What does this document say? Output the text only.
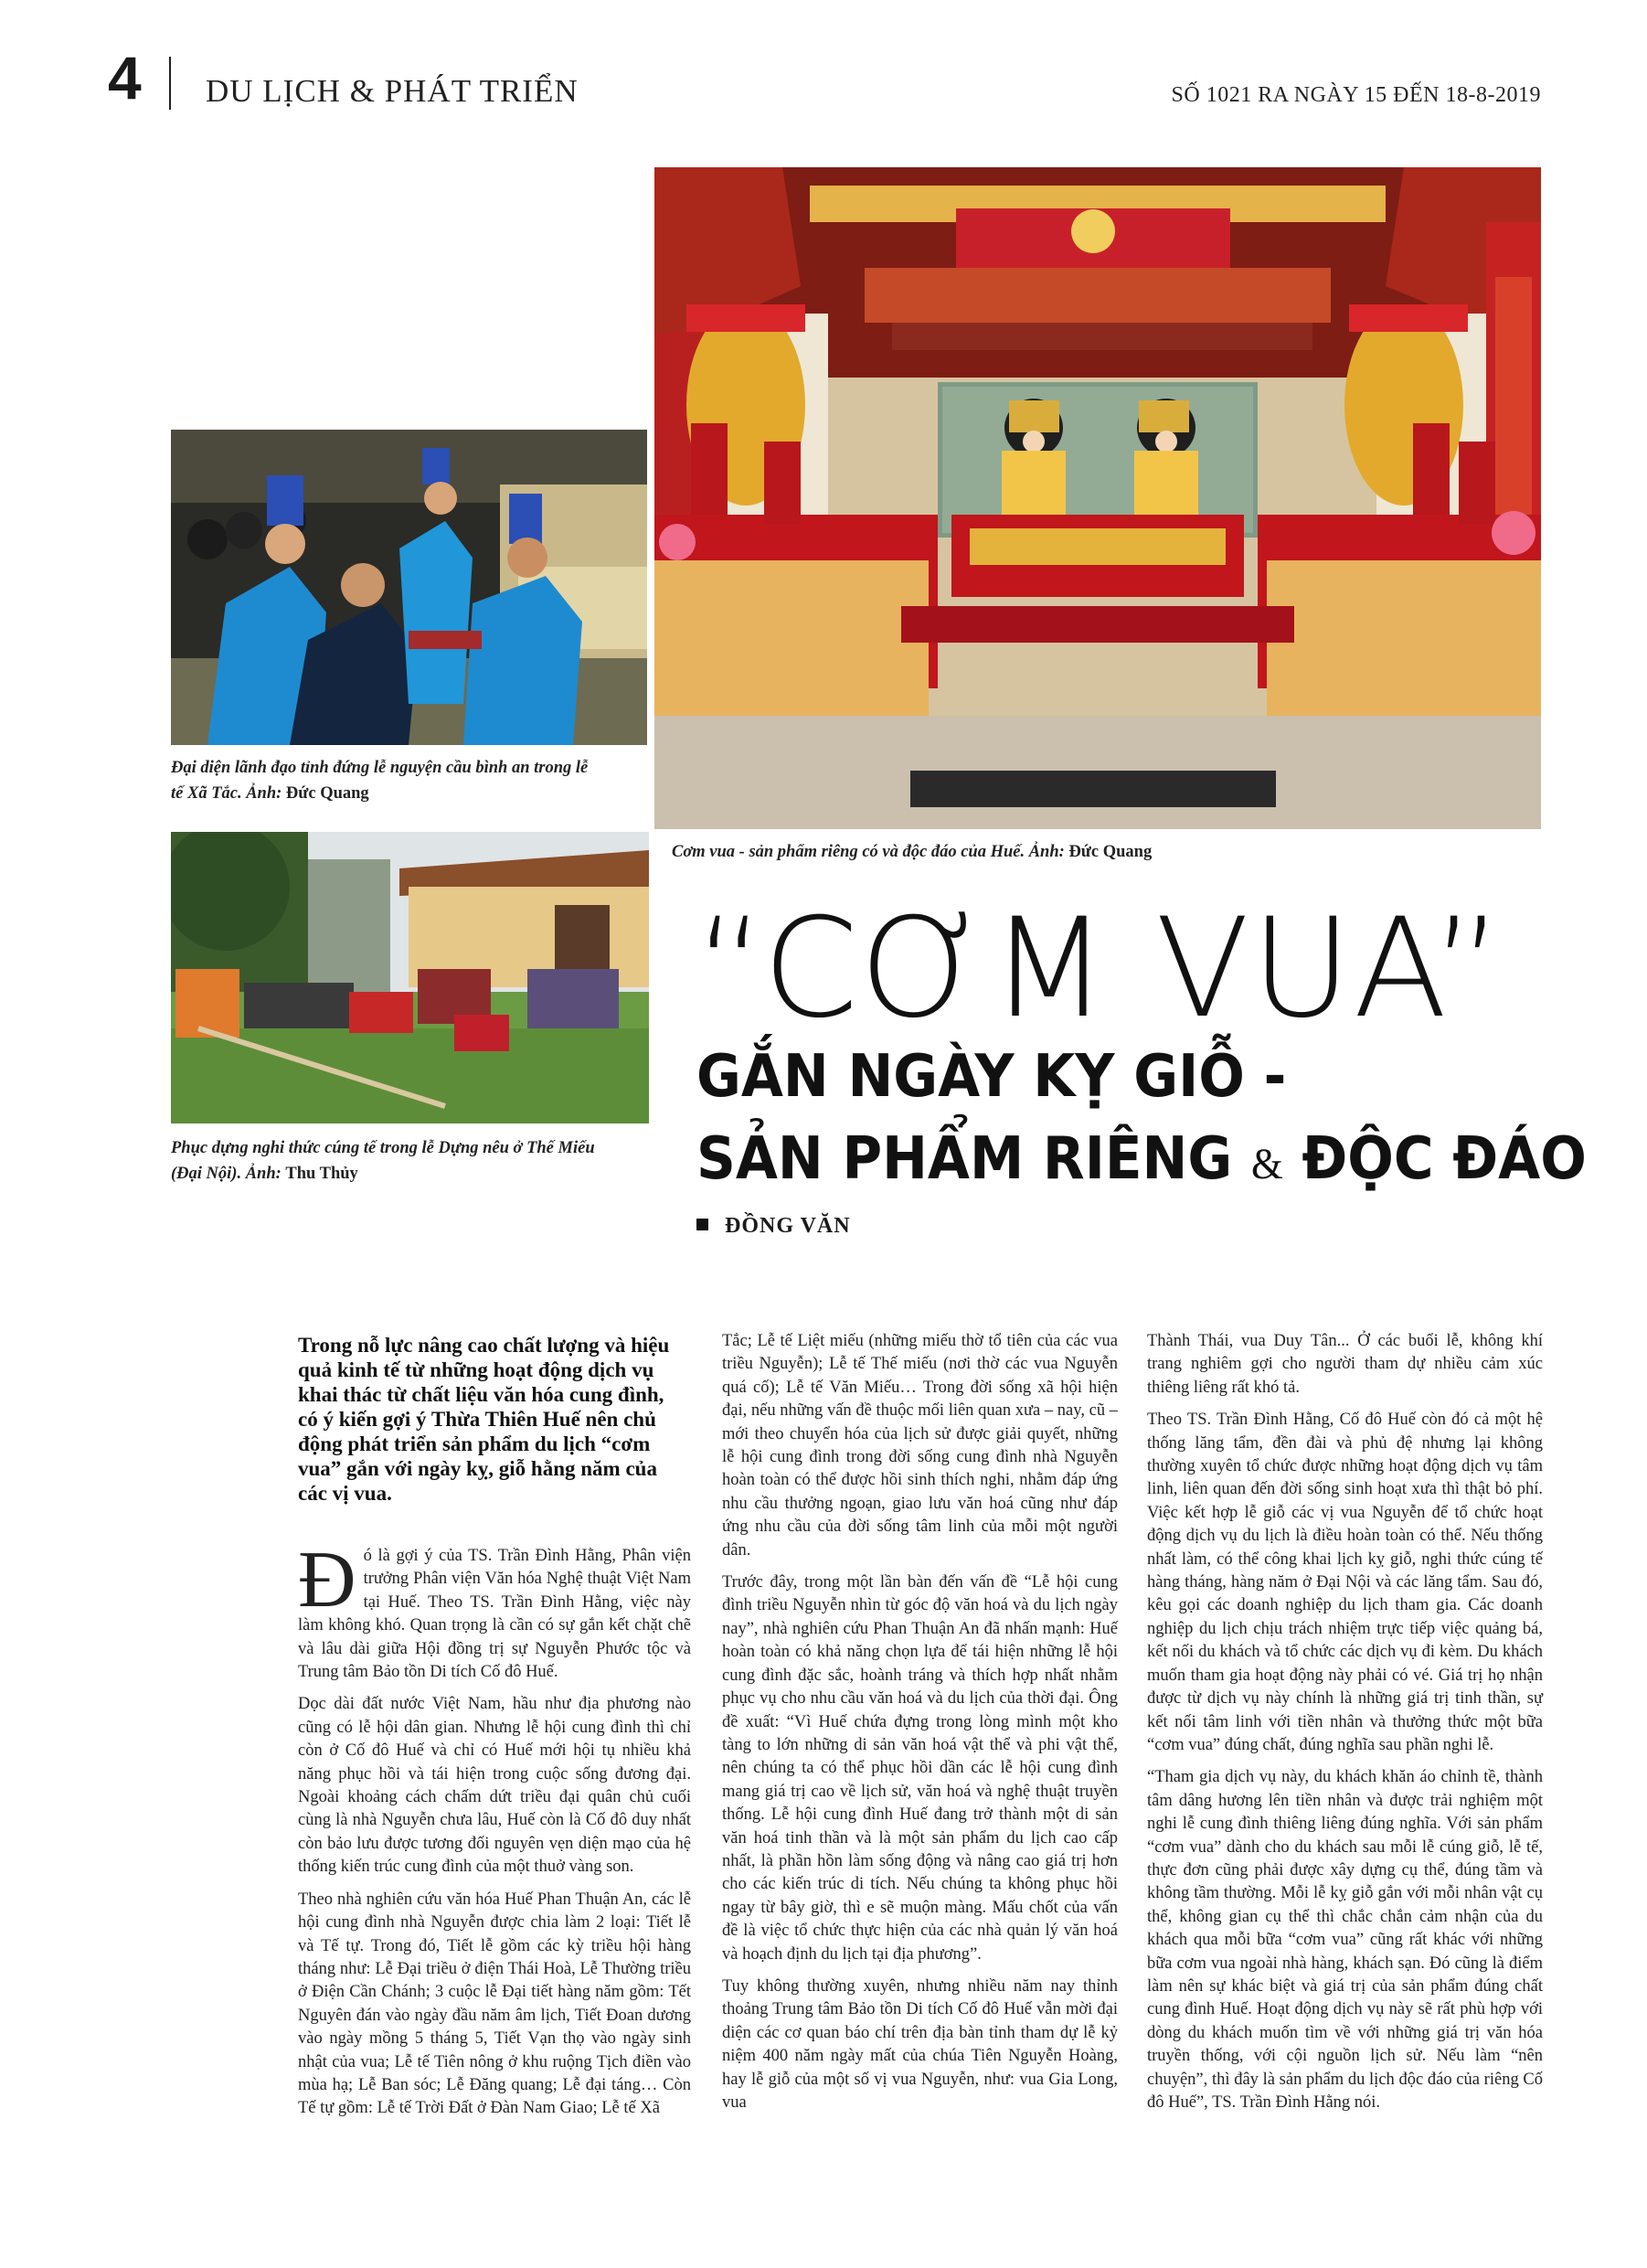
4 DU LỊCH & PHÁT TRIỂN	SỐ 1021 RA NGÀY 15 ĐẾN 18-8-2019
Đại diện lãnh đạo tỉnh đứng lễ nguyện cầu bình an trong lễ tế Xã Tắc. Ảnh: Đức Quang
Phục dựng nghi thức cúng tế trong lễ Dựng nêu ở Thế Miếu (Đại Nội). Ảnh: Thu Thủy
Cơm vua - sản phẩm riêng có và độc đáo của Huế. Ảnh: Đức Quang
“CƠM VUA”
GẮN NGÀY KỴ GIỖ -
SẢN PHẨM RIÊNG & ĐỘC ĐÁO
ĐỒNG VĂN
Trong nỗ lực nâng cao chất lượng và hiệu quả kinh tế từ những hoạt động dịch vụ khai thác từ chất liệu văn hóa cung đình, có ý kiến gợi ý Thừa Thiên Huế nên chủ động phát triển sản phẩm du lịch “cơm vua” gắn với ngày kỵ, giỗ hằng năm của các vị vua.

Đó là gợi ý của TS. Trần Đình Hằng, Phân viện trưởng Phân viện Văn hóa Nghệ thuật Việt Nam tại Huế. Theo TS. Trần Đình Hằng, việc này làm không khó. Quan trọng là cần có sự gắn kết chặt chẽ và lâu dài giữa Hội đồng trị sự Nguyễn Phước tộc và Trung tâm Bảo tồn Di tích Cố đô Huế.

Dọc dài đất nước Việt Nam, hầu như địa phương nào cũng có lễ hội dân gian. Nhưng lễ hội cung đình thì chỉ còn ở Cố đô Huế và chỉ có Huế mới hội tụ nhiều khả năng phục hồi và tái hiện trong cuộc sống đương đại. Ngoài khoảng cách chấm dứt triều đại quân chủ cuối cùng là nhà Nguyễn chưa lâu, Huế còn là Cố đô duy nhất còn bảo lưu được tương đối nguyên vẹn diện mạo của hệ thống kiến trúc cung đình của một thuở vàng son.

Theo nhà nghiên cứu văn hóa Huế Phan Thuận An, các lễ hội cung đình nhà Nguyễn được chia làm 2 loại: Tiết lễ và Tế tự. Trong đó, Tiết lễ gồm các kỳ triều hội hàng tháng như: Lễ Đại triều ở điện Thái Hoà, Lễ Thường triều ở Điện Cần Chánh; 3 cuộc lễ Đại tiết hàng năm gồm: Tết Nguyên đán vào ngày đầu năm âm lịch, Tiết Đoan dương vào ngày mồng 5 tháng 5, Tiết Vạn thọ vào ngày sinh nhật của vua; Lễ tế Tiên nông ở khu ruộng Tịch điền vào mùa hạ; Lễ Ban sóc; Lễ Đăng quang; Lễ đại táng… Còn Tế tự gồm: Lễ tế Trời Đất ở Đàn Nam Giao; Lễ tế Xã

Tắc; Lễ tế Liệt miếu (những miếu thờ tổ tiên của các vua triều Nguyễn); Lễ tế Thế miếu (nơi thờ các vua Nguyễn quá cố); Lễ tế Văn Miếu… Trong đời sống xã hội hiện đại, nếu những vấn đề thuộc mối liên quan xưa – nay, cũ – mới theo chuyển hóa của lịch sử được giải quyết, những lễ hội cung đình trong đời sống cung đình nhà Nguyễn hoàn toàn có thể được hồi sinh thích nghi, nhằm đáp ứng nhu cầu thưởng ngoạn, giao lưu văn hoá cũng như đáp ứng nhu cầu của đời sống tâm linh của mỗi một người dân.

Trước đây, trong một lần bàn đến vấn đề “Lễ hội cung đình triều Nguyễn nhìn từ góc độ văn hoá và du lịch ngày nay”, nhà nghiên cứu Phan Thuận An đã nhấn mạnh: Huế hoàn toàn có khả năng chọn lựa để tái hiện những lễ hội cung đình đặc sắc, hoành tráng và thích hợp nhất nhằm phục vụ cho nhu cầu văn hoá và du lịch của thời đại. Ông đề xuất: “Vì Huế chứa đựng trong lòng mình một kho tàng to lớn những di sản văn hoá vật thể và phi vật thể, nên chúng ta có thể phục hồi dần các lễ hội cung đình mang giá trị cao về lịch sử, văn hoá và nghệ thuật truyền thống. Lễ hội cung đình Huế đang trở thành một di sản văn hoá tinh thần và là một sản phẩm du lịch cao cấp nhất, là phần hồn làm sống động và nâng cao giá trị hơn cho các kiến trúc di tích. Nếu chúng ta không phục hồi ngay từ bây giờ, thì e sẽ muộn màng. Mấu chốt của vấn đề là việc tổ chức thực hiện của các nhà quản lý văn hoá và hoạch định du lịch tại địa phương”.

Tuy không thường xuyên, nhưng nhiều năm nay thỉnh thoảng Trung tâm Bảo tồn Di tích Cố đô Huế vẫn mời đại diện các cơ quan báo chí trên địa bàn tỉnh tham dự lễ kỷ niệm 400 năm ngày mất của chúa Tiên Nguyễn Hoàng, hay lễ giỗ của một số vị vua Nguyễn, như: vua Gia Long, vua

Thành Thái, vua Duy Tân... Ở các buổi lễ, không khí trang nghiêm gợi cho người tham dự nhiều cảm xúc thiêng liêng rất khó tả.

Theo TS. Trần Đình Hằng, Cố đô Huế còn đó cả một hệ thống lăng tẩm, đền đài và phủ đệ nhưng lại không thường xuyên tổ chức được những hoạt động dịch vụ tâm linh, liên quan đến đời sống sinh hoạt xưa thì thật bỏ phí. Việc kết hợp lễ giỗ các vị vua Nguyễn để tổ chức hoạt động dịch vụ du lịch là điều hoàn toàn có thể. Nếu thống nhất làm, có thể công khai lịch kỵ giỗ, nghi thức cúng tế hàng tháng, hàng năm ở Đại Nội và các lăng tẩm. Sau đó, kêu gọi các doanh nghiệp du lịch tham gia. Các doanh nghiệp du lịch chịu trách nhiệm trực tiếp việc quảng bá, kết nối du khách và tổ chức các dịch vụ đi kèm. Du khách muốn tham gia hoạt động này phải có vé. Giá trị họ nhận được từ dịch vụ này chính là những giá trị tinh thần, sự kết nối tâm linh với tiền nhân và thưởng thức một bữa “cơm vua” đúng chất, đúng nghĩa sau phần nghi lễ.

“Tham gia dịch vụ này, du khách khăn áo chỉnh tề, thành tâm dâng hương lên tiền nhân và được trải nghiệm một nghi lễ cung đình thiêng liêng đúng nghĩa. Với sản phẩm “cơm vua” dành cho du khách sau mỗi lễ cúng giỗ, lễ tế, thực đơn cũng phải được xây dựng cụ thể, đúng tầm và không tầm thường. Mỗi lễ kỵ giỗ gắn với mỗi nhân vật cụ thể, không gian cụ thể thì chắc chắn cảm nhận của du khách qua mỗi bữa “cơm vua” cũng rất khác với những bữa cơm vua ngoài nhà hàng, khách sạn. Đó cũng là điểm làm nên sự khác biệt và giá trị của sản phẩm đúng chất cung đình Huế. Hoạt động dịch vụ này sẽ rất phù hợp với dòng du khách muốn tìm về với những giá trị văn hóa truyền thống, với cội nguồn lịch sử. Nếu làm “nên chuyện”, thì đây là sản phẩm du lịch độc đáo của riêng Cố đô Huế”, TS. Trần Đình Hằng nói.
